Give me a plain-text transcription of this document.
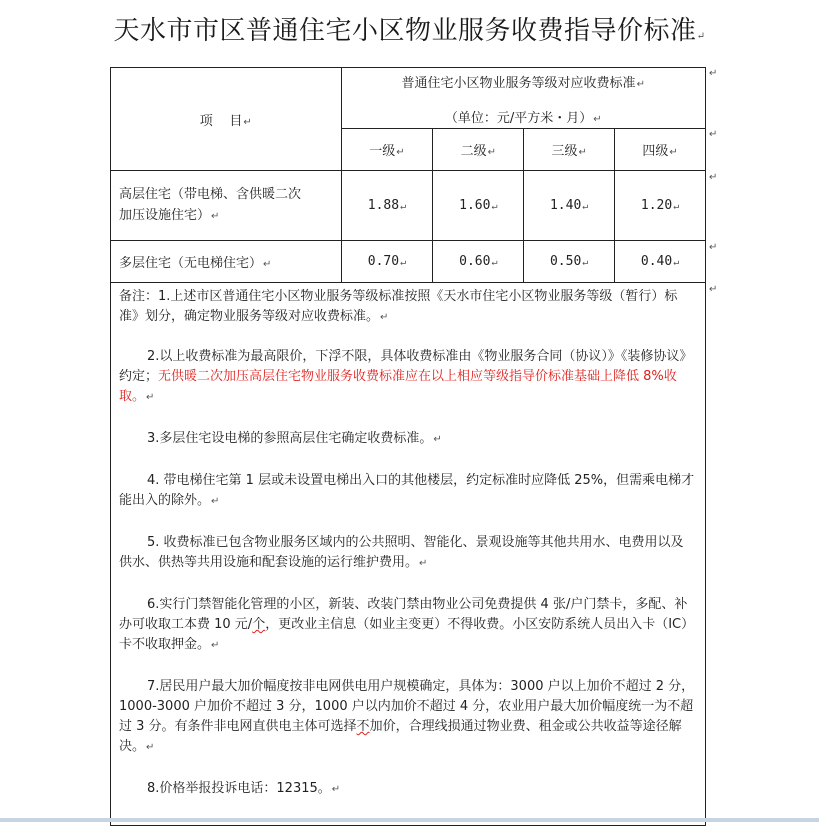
天水市市区普通住宅小区物业服务收费指导价标准↵
项    目↵	普通住宅小区物业服务等级对应收费标准↵
（单位：元/平方米・月）↵			

	一级↵	二级↵	三级↵	四级↵

高层住宅（带电梯、含供暖二次
加压设施住宅）↵	1.88↵	1.60↵	1.40↵	1.20↵
多层住宅（无电梯住宅）↵	0.70↵	0.60↵	0.50↵	0.40↵
↵
↵
↵
↵
↵

备注：1.上述市区普通住宅小区物业服务等级标准按照《天水市住宅小区物业服务等级（暂行）标准》划分，确定物业服务等级对应收费标准。↵

2.以上收费标准为最高限价，下浮不限，具体收费标准由《物业服务合同（协议）》《装修协议》约定；无供暖二次加压高层住宅物业服务收费标准应在以上相应等级指导价标准基础上降低 8%收取。↵

3.多层住宅设电梯的参照高层住宅确定收费标准。↵

4. 带电梯住宅第 1 层或未设置电梯出入口的其他楼层，约定标准时应降低 25%，但需乘电梯才能出入的除外。↵

5. 收费标准已包含物业服务区域内的公共照明、智能化、景观设施等其他共用水、电费用以及供水、供热等共用设施和配套设施的运行维护费用。↵

6.实行门禁智能化管理的小区，新装、改装门禁由物业公司免费提供 4 张/户门禁卡，多配、补办可收取工本费 10 元/个，更改业主信息（如业主变更）不得收费。小区安防系统人员出入卡（IC）卡不收取押金。↵

7.居民用户最大加价幅度按非电网供电用户规模确定，具体为：3000 户以上加价不超过 2 分，1000-3000 户加价不超过 3 分，1000 户以内加价不超过 4 分，农业用户最大加价幅度统一为不超过 3 分。有条件非电网直供电主体可选择不加价，合理线损通过物业费、租金或公共收益等途径解决。↵

8.价格举报投诉电话：12315。↵
